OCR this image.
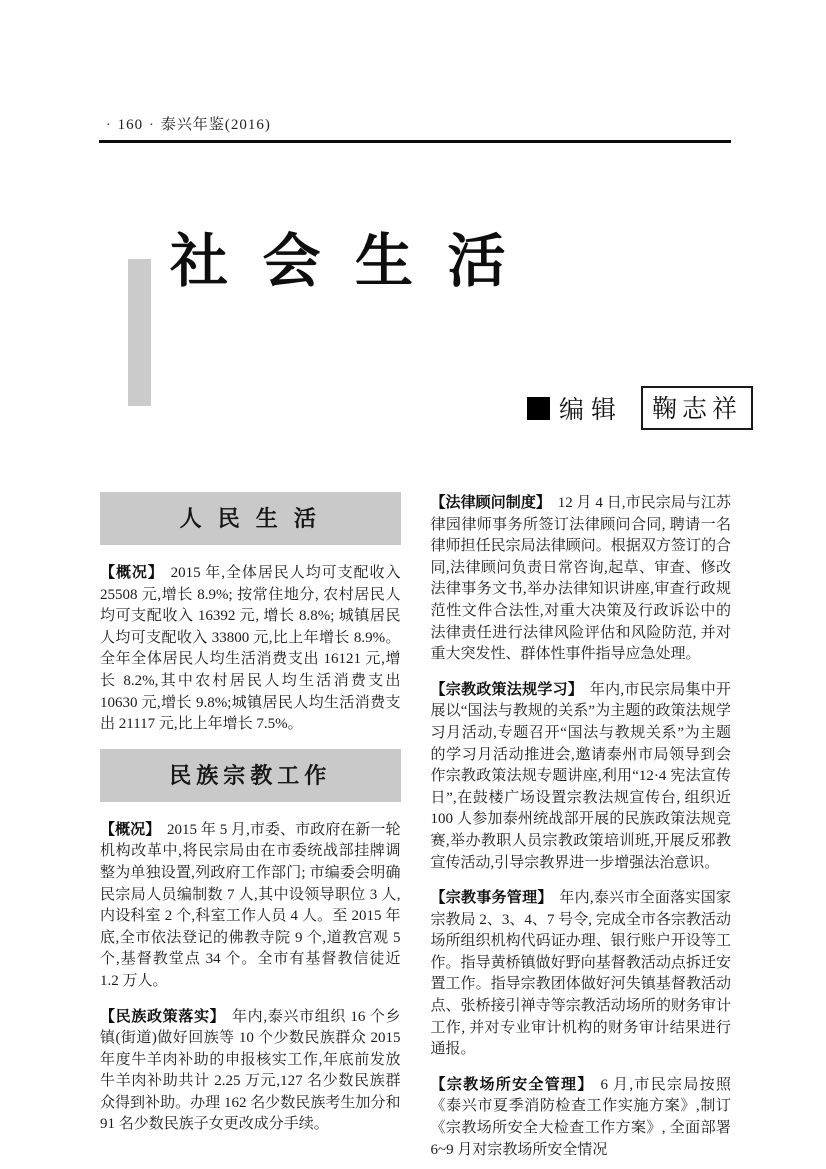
· 160 · 泰兴年鉴(2016)
社 会 生 活
编辑	鞠志祥
人 民 生 活

【概况】 2015 年,全体居民人均可支配收入 25508 元,增长 8.9%; 按常住地分, 农村居民人均可支配收入 16392 元, 增长 8.8%; 城镇居民人均可支配收入 33800 元,比上年增长 8.9%。全年全体居民人均生活消费支出 16121 元,增长 8.2%,其中农村居民人均生活消费支出 10630 元,增长 9.8%;城镇居民人均生活消费支出 21117 元,比上年增长 7.5%。

民族宗教工作

【概况】 2015 年 5 月,市委、市政府在新一轮机构改革中,将民宗局由在市委统战部挂牌调整为单独设置,列政府工作部门; 市编委会明确民宗局人员编制数 7 人,其中设领导职位 3 人,内设科室 2 个,科室工作人员 4 人。至 2015 年底,全市依法登记的佛教寺院 9 个,道教宫观 5 个,基督教堂点 34 个。全市有基督教信徒近 1.2 万人。

【民族政策落实】 年内,泰兴市组织 16 个乡镇(街道)做好回族等 10 个少数民族群众 2015 年度牛羊肉补助的申报核实工作,年底前发放牛羊肉补助共计 2.25 万元,127 名少数民族群众得到补助。办理 162 名少数民族考生加分和 91 名少数民族子女更改成分手续。

【法律顾问制度】 12 月 4 日,市民宗局与江苏律园律师事务所签订法律顾问合同, 聘请一名律师担任民宗局法律顾问。根据双方签订的合同,法律顾问负责日常咨询,起草、审查、修改法律事务文书,举办法律知识讲座,审查行政规范性文件合法性,对重大决策及行政诉讼中的法律责任进行法律风险评估和风险防范, 并对重大突发性、群体性事件指导应急处理。

【宗教政策法规学习】 年内,市民宗局集中开展以“国法与教规的关系”为主题的政策法规学习月活动,专题召开“国法与教规关系”为主题的学习月活动推进会,邀请泰州市局领导到会作宗教政策法规专题讲座,利用“12·4 宪法宣传日”,在鼓楼广场设置宗教法规宣传台, 组织近 100 人参加泰州统战部开展的民族政策法规竞赛,举办教职人员宗教政策培训班,开展反邪教宣传活动,引导宗教界进一步增强法治意识。

【宗教事务管理】 年内,泰兴市全面落实国家宗教局 2、3、4、7 号令, 完成全市各宗教活动场所组织机构代码证办理、银行账户开设等工作。指导黄桥镇做好野向基督教活动点拆迁安置工作。指导宗教团体做好河失镇基督教活动点、张桥接引禅寺等宗教活动场所的财务审计工作, 并对专业审计机构的财务审计结果进行通报。

【宗教场所安全管理】 6 月,市民宗局按照《泰兴市夏季消防检查工作实施方案》,制订《宗教场所安全大检查工作方案》, 全面部署 6~9 月对宗教场所安全情况
